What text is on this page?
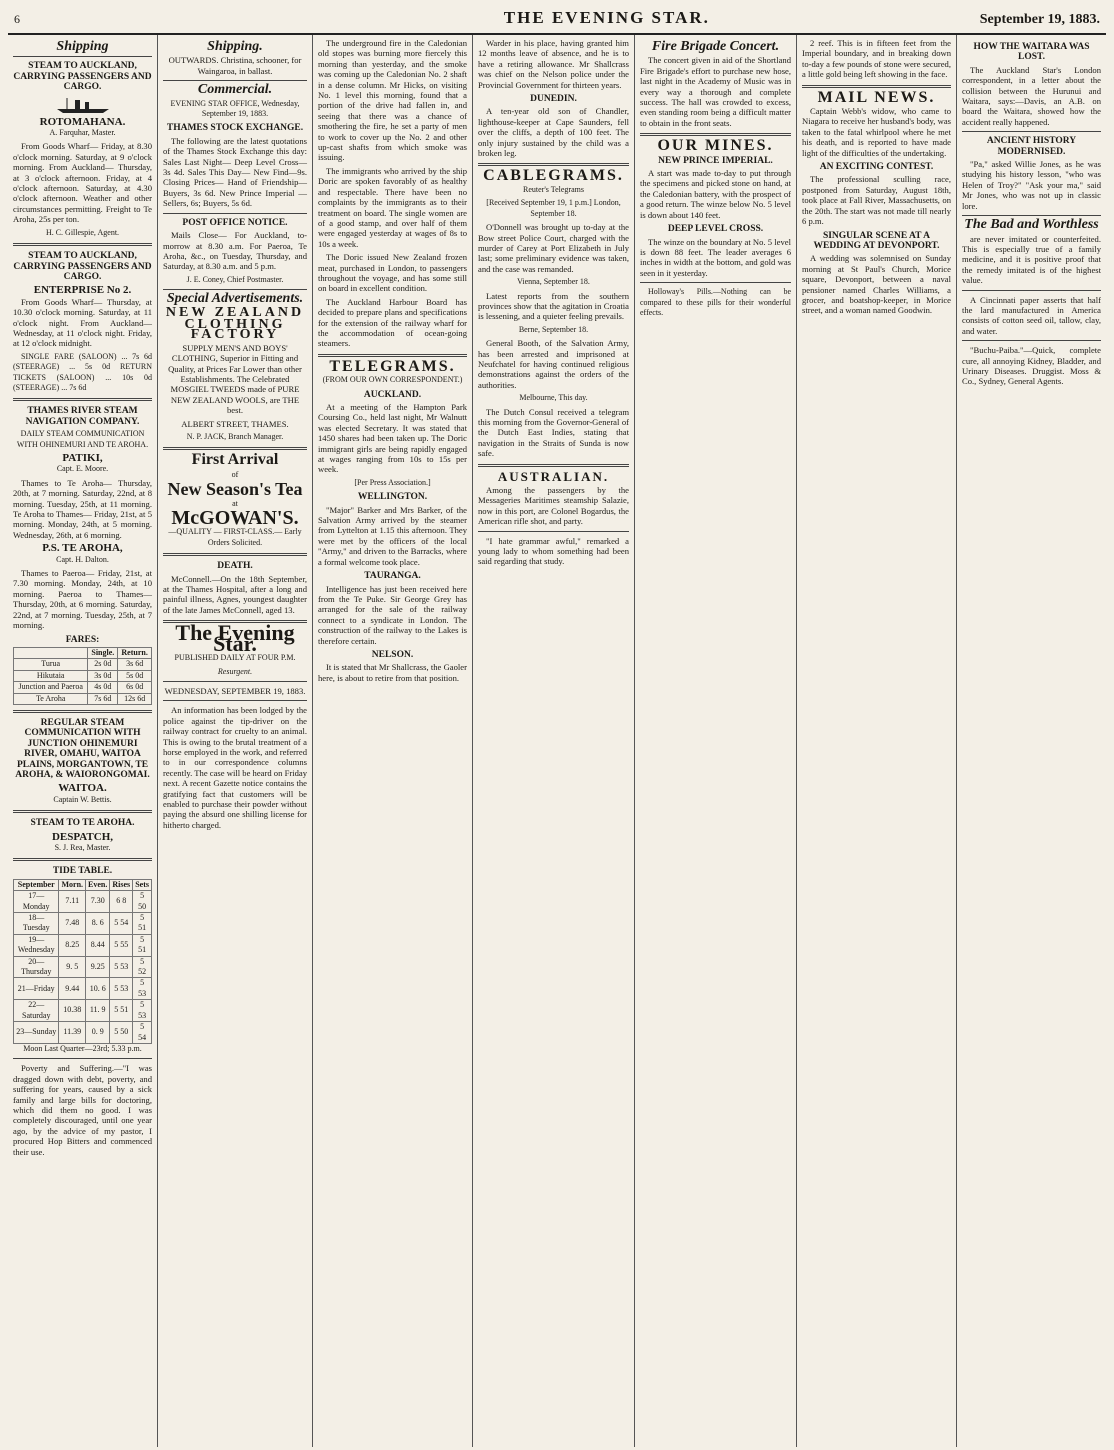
6	THE EVENING STAR.	September 19, 1883.
Shipping
STEAM TO AUCKLAND, CARRYING PASSENGERS AND CARGO.
ROTOMAHANA.

A. Farquhar, Master.

From Goods Wharf— Friday, at 8.30 o'clock morning. Saturday, at 9 o'clock morning. From Auckland— Thursday, at 3 o'clock afternoon. Friday, at 4 o'clock afternoon. Saturday, at 4.30 o'clock afternoon. Weather and other circumstances permitting. Freight to Te Aroha, 25s per ton.

H. C. Gillespie, Agent.

STEAM TO AUCKLAND, CARRYING PASSENGERS AND CARGO.
ENTERPRISE No 2.

From Goods Wharf— Thursday, at 10.30 o'clock morning. Saturday, at 11 o'clock night. From Auckland— Wednesday, at 11 o'clock night. Friday, at 12 o'clock midnight.

SINGLE FARE (SALOON) ... 7s 6d (STEERAGE) ... 5s 0d RETURN TICKETS (SALOON) ... 10s 0d (STEERAGE) ... 7s 6d

THAMES RIVER STEAM NAVIGATION COMPANY.

DAILY STEAM COMMUNICATION WITH OHINEMURI AND TE AROHA.

PATIKI,

Capt. E. Moore.

Thames to Te Aroha— Thursday, 20th, at 7 morning. Saturday, 22nd, at 8 morning. Tuesday, 25th, at 11 morning. Te Aroha to Thames— Friday, 21st, at 5 morning. Monday, 24th, at 5 morning. Wednesday, 26th, at 6 morning.

P.S. TE AROHA,

Capt. H. Dalton.

Thames to Paeroa— Friday, 21st, at 7.30 morning. Monday, 24th, at 10 morning. Paeroa to Thames— Thursday, 20th, at 6 morning. Saturday, 22nd, at 7 morning. Tuesday, 25th, at 7 morning.

FARES:
	Single.	Return.
Turua	2s 0d	3s 6d
Hikutaia	3s 0d	5s 0d
Junction and Paeroa	4s 0d	6s 0d
Te Aroha	7s 6d	12s 6d
REGULAR STEAM COMMUNICATION WITH JUNCTION OHINEMURI RIVER, OMAHU, WAITOA PLAINS, MORGANTOWN, TE AROHA, & WAIORONGOMAI.
WAITOA.

Captain W. Bettis.

STEAM TO TE AROHA.
DESPATCH,

S. J. Rea, Master.

TIDE TABLE.
September	Morn.	Even.	Rises	Sets
17—Monday	7.11	7.30	6 8	5 50
18—Tuesday	7.48	8. 6	5 54	5 51
19—Wednesday	8.25	8.44	5 55	5 51
20—Thursday	9. 5	9.25	5 53	5 52
21—Friday	9.44	10. 6	5 53	5 53
22—Saturday	10.38	11. 9	5 51	5 53
23—Sunday	11.39	0. 9	5 50	5 54

Moon Last Quarter—23rd; 5.33 p.m.

Poverty and Suffering.—"I was dragged down with debt, poverty, and suffering for years, caused by a sick family and large bills for doctoring, which did them no good. I was completely discouraged, until one year ago, by the advice of my pastor, I procured Hop Bitters and commenced their use.

Shipping.

OUTWARDS. Christina, schooner, for Waingaroa, in ballast.

Commercial.

EVENING STAR OFFICE, Wednesday, September 19, 1883.

THAMES STOCK EXCHANGE.

The following are the latest quotations of the Thames Stock Exchange this day: Sales Last Night— Deep Level Cross—3s 4d. Sales This Day— New Find—9s. Closing Prices— Hand of Friendship—Buyers, 3s 6d. New Prince Imperial — Sellers, 6s; Buyers, 5s 6d.

POST OFFICE NOTICE.

Mails Close— For Auckland, to-morrow at 8.30 a.m. For Paeroa, Te Aroha, &c., on Tuesday, Thursday, and Saturday, at 8.30 a.m. and 5 p.m.

J. E. Coney, Chief Postmaster.

Special Advertisements.
NEW ZEALAND
CLOTHING FACTORY

SUPPLY MEN'S AND BOYS' CLOTHING, Superior in Fitting and Quality, at Prices Far Lower than other Establishments. The Celebrated MOSGIEL TWEEDS made of PURE NEW ZEALAND WOOLS, are THE best.

ALBERT STREET, THAMES.

N. P. JACK, Branch Manager.

First Arrival

of

New Season's Tea

at

McGOWAN'S.

—QUALITY — FIRST-CLASS.— Early Orders Solicited.

DEATH.

McConnell.—On the 18th September, at the Thames Hospital, after a long and painful illness, Agnes, youngest daughter of the late James McConnell, aged 13.

The Evening Star.

PUBLISHED DAILY AT FOUR P.M.

Resurgent.

WEDNESDAY, SEPTEMBER 19, 1883.

An information has been lodged by the police against the tip-driver on the railway contract for cruelty to an animal. This is owing to the brutal treatment of a horse employed in the work, and referred to in our correspondence columns recently. The case will be heard on Friday next. A recent Gazette notice contains the gratifying fact that customers will be enabled to purchase their powder without paying the absurd one shilling license for hitherto charged.

The underground fire in the Caledonian old stopes was burning more fiercely this morning than yesterday, and the smoke was coming up the Caledonian No. 2 shaft in a dense column. Mr Hicks, on visiting No. 1 level this morning, found that a portion of the drive had fallen in, and seeing that there was a chance of smothering the fire, he set a party of men to work to cover up the No. 2 and other up-cast shafts from which smoke was issuing.

The immigrants who arrived by the ship Doric are spoken favorably of as healthy and respectable. There have been no complaints by the immigrants as to their treatment on board. The single women are of a good stamp, and over half of them were engaged yesterday at wages of 8s to 10s a week.

The Doric issued New Zealand frozen meat, purchased in London, to passengers throughout the voyage, and has some still on board in excellent condition.

The Auckland Harbour Board has decided to prepare plans and specifications for the extension of the railway wharf for the accommodation of ocean-going steamers.

TELEGRAMS.

(FROM OUR OWN CORRESPONDENT.)

AUCKLAND.

At a meeting of the Hampton Park Coursing Co., held last night, Mr Walnutt was elected Secretary. It was stated that 1450 shares had been taken up. The Doric immigrant girls are being rapidly engaged at wages ranging from 10s to 15s per week.

[Per Press Association.]

WELLINGTON.

"Major" Barker and Mrs Barker, of the Salvation Army arrived by the steamer from Lyttelton at 1.15 this afternoon. They were met by the officers of the local "Army," and driven to the Barracks, where a formal welcome took place.

TAURANGA.

Intelligence has just been received here from the Te Puke. Sir George Grey has arranged for the sale of the railway connect to a syndicate in London. The construction of the railway to the Lakes is therefore certain.

NELSON.

It is stated that Mr Shallcrass, the Gaoler here, is about to retire from that position.

Warder in his place, having granted him 12 months leave of absence, and he is to have a retiring allowance. Mr Shallcrass was chief on the Nelson police under the Provincial Government for thirteen years.

DUNEDIN.

A ten-year old son of Chandler, lighthouse-keeper at Cape Saunders, fell over the cliffs, a depth of 100 feet. The only injury sustained by the child was a broken leg.

CABLEGRAMS.

Reuter's Telegrams

[Received September 19, 1 p.m.] London, September 18.

O'Donnell was brought up to-day at the Bow street Police Court, charged with the murder of Carey at Port Elizabeth in July last; some preliminary evidence was taken, and the case was remanded.

Vienna, September 18.

Latest reports from the southern provinces show that the agitation in Croatia is lessening, and a quieter feeling prevails.

Berne, September 18.

General Booth, of the Salvation Army, has been arrested and imprisoned at Neufchatel for having continued religious demonstrations against the orders of the authorities.

Melbourne, This day.

The Dutch Consul received a telegram this morning from the Governor-General of the Dutch East Indies, stating that navigation in the Straits of Sunda is now safe.

AUSTRALIAN.

Among the passengers by the Messageries Maritimes steamship Salazie, now in this port, are Colonel Bogardus, the American rifle shot, and party.

"I hate grammar awful," remarked a young lady to whom something had been said regarding that study.

Fire Brigade Concert.

The concert given in aid of the Shortland Fire Brigade's effort to purchase new hose, last night in the Academy of Music was in every way a thorough and complete success. The hall was crowded to excess, even standing room being a difficult matter to obtain in the front seats.

OUR MINES.
NEW PRINCE IMPERIAL.

A start was made to-day to put through the specimens and picked stone on hand, at the Caledonian battery, with the prospect of a good return. The winze below No. 5 level is down about 140 feet.

DEEP LEVEL CROSS.

The winze on the boundary at No. 5 level is down 88 feet. The leader averages 6 inches in width at the bottom, and gold was seen in it yesterday.

Holloway's Pills.—Nothing can be compared to these pills for their wonderful effects.

2 reef. This is in fifteen feet from the Imperial boundary, and in breaking down to-day a few pounds of stone were secured, a little gold being left showing in the face.

MAIL NEWS.

Captain Webb's widow, who came to Niagara to receive her husband's body, was taken to the fatal whirlpool where he met his death, and is reported to have made light of the difficulties of the undertaking.

AN EXCITING CONTEST.

The professional sculling race, postponed from Saturday, August 18th, took place at Fall River, Massachusetts, on the 20th. The start was not made till nearly 6 p.m.

SINGULAR SCENE AT A WEDDING AT DEVONPORT.

A wedding was solemnised on Sunday morning at St Paul's Church, Morice square, Devonport, between a naval pensioner named Charles Williams, a grocer, and boatshop-keeper, in Morice street, and a woman named Goodwin.

HOW THE WAITARA WAS LOST.

The Auckland Star's London correspondent, in a letter about the collision between the Hurunui and Waitara, says:—Davis, an A.B. on board the Waitara, showed how the accident really happened.

ANCIENT HISTORY MODERNISED.

"Pa," asked Willie Jones, as he was studying his history lesson, "who was Helen of Troy?" "Ask your ma," said Mr Jones, who was not up in classic lore.

The Bad and Worthless

are never imitated or counterfeited. This is especially true of a family medicine, and it is positive proof that the remedy imitated is of the highest value.

A Cincinnati paper asserts that half the lard manufactured in America consists of cotton seed oil, tallow, clay, and water.

"Buchu-Paiba."—Quick, complete cure, all annoying Kidney, Bladder, and Urinary Diseases. Druggist. Moss & Co., Sydney, General Agents.
